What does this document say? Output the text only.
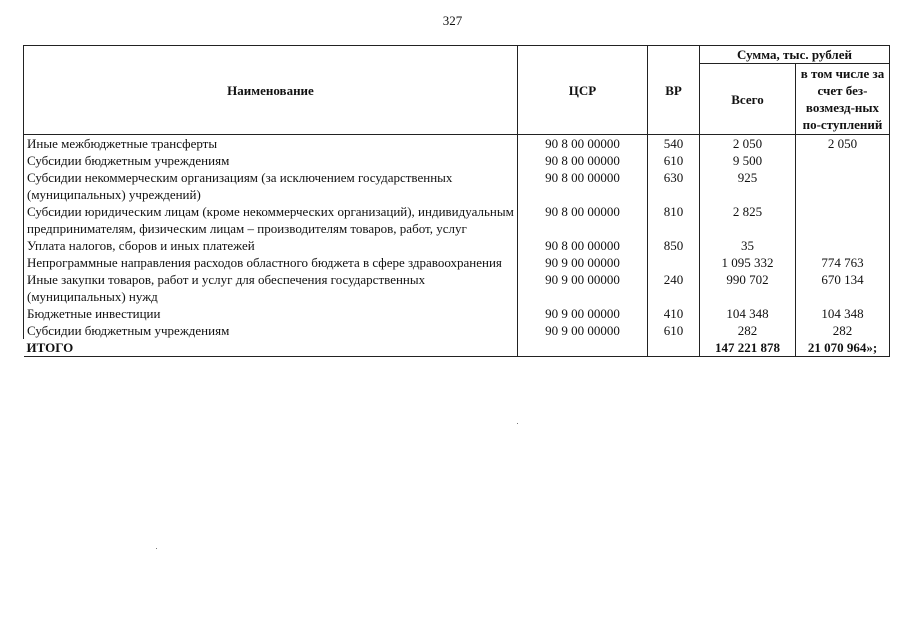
327
Наименование	ЦСР	ВР	Сумма, тыс. рублей	
			Всего	в том числе за счет без-возмезд-ных по-ступлений
Иные межбюджетные трансферты	90 8 00 00000	540	2 050	2 050
Субсидии бюджетным учреждениям	90 8 00 00000	610	9 500	
Субсидии некоммерческим организациям (за исключением государственных (муниципальных) учреждений)	90 8 00 00000	630	925	
Субсидии юридическим лицам (кроме некоммерческих организаций), индивидуальным предпринимателям, физическим лицам – производителям товаров, работ, услуг	90 8 00 00000	810	2 825	
Уплата налогов, сборов и иных платежей	90 8 00 00000	850	35	
Непрограммные направления расходов областного бюджета в сфере здравоохранения	90 9 00 00000		1 095 332	774 763
Иные закупки товаров, работ и услуг для обеспечения государственных (муниципальных) нужд	90 9 00 00000	240	990 702	670 134
Бюджетные инвестиции	90 9 00 00000	410	104 348	104 348
Субсидии бюджетным учреждениям	90 9 00 00000	610	282	282
ИТОГО			147 221 878	21 070 964»;
